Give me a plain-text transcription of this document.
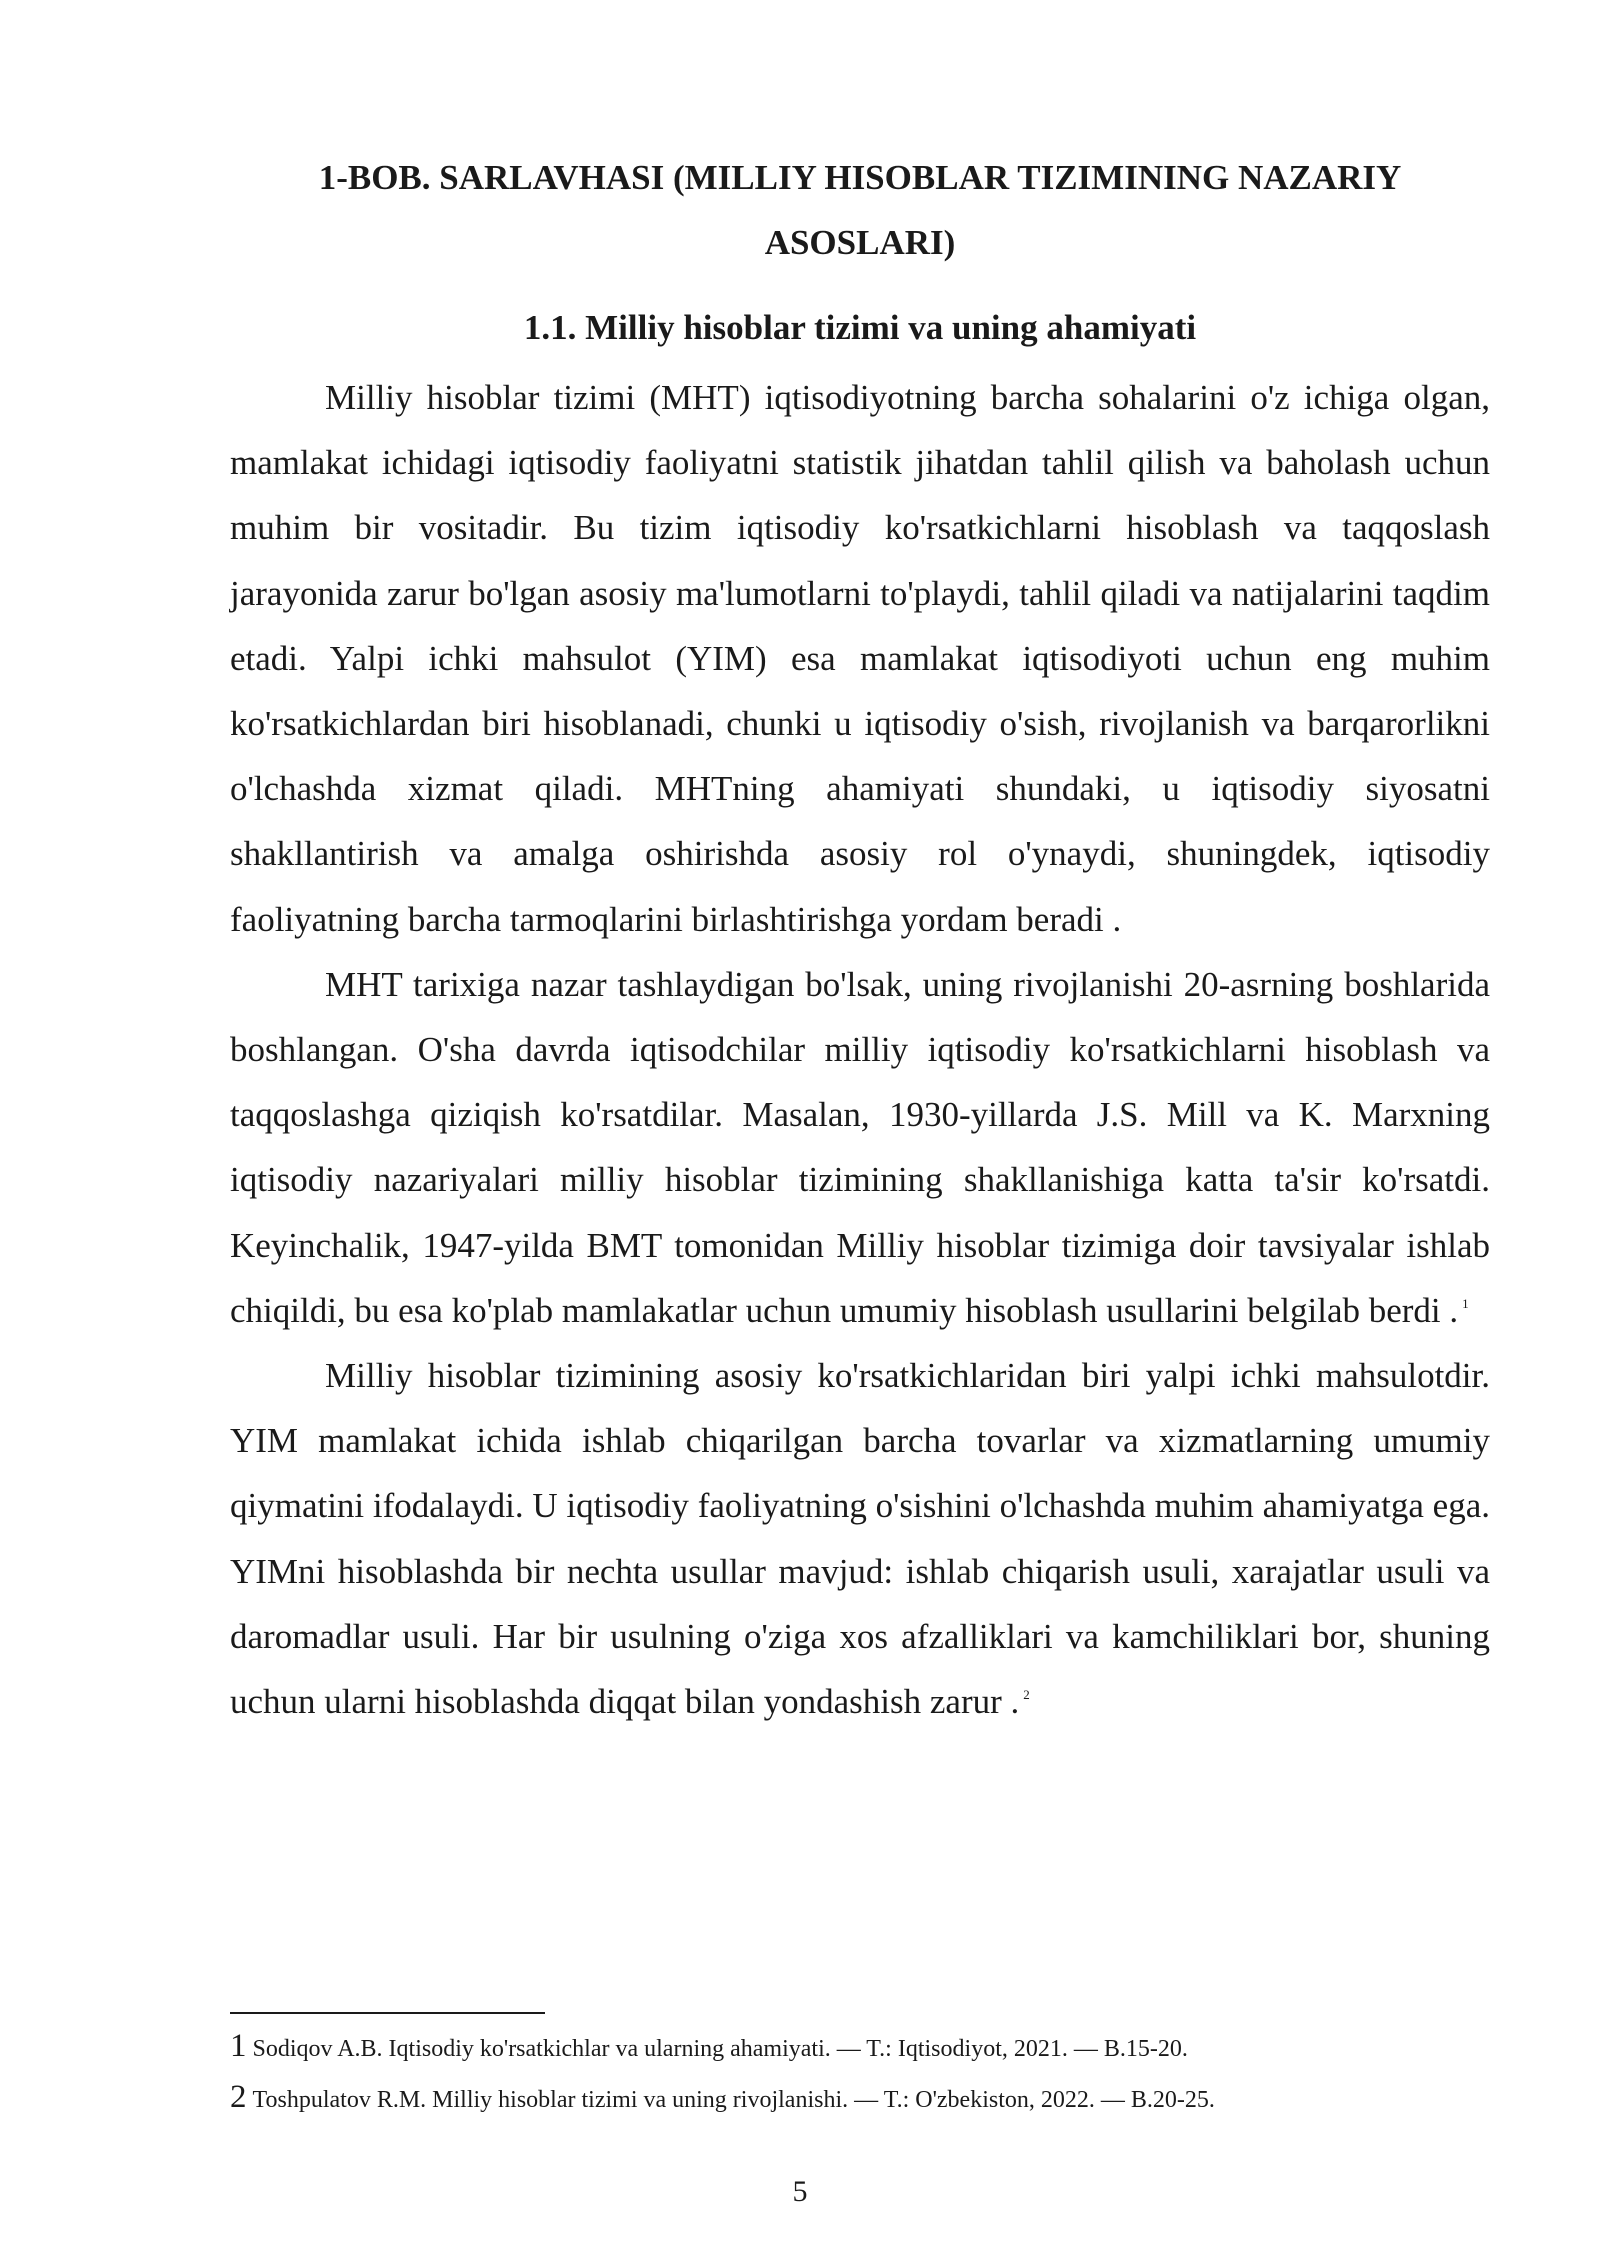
1-BOB. SARLAVHASI (MILLIY HISOBLAR TIZIMINING NAZARIY ASOSLARI)
1.1. Milliy hisoblar tizimi va uning ahamiyati

Milliy hisoblar tizimi (MHT) iqtisodiyotning barcha sohalarini o'z ichiga olgan, mamlakat ichidagi iqtisodiy faoliyatni statistik jihatdan tahlil qilish va baholash uchun muhim bir vositadir. Bu tizim iqtisodiy ko'rsatkichlarni hisoblash va taqqoslash jarayonida zarur bo'lgan asosiy ma'lumotlarni to'playdi, tahlil qiladi va natijalarini taqdim etadi. Yalpi ichki mahsulot (YIM) esa mamlakat iqtisodiyoti uchun eng muhim ko'rsatkichlardan biri hisoblanadi, chunki u iqtisodiy o'sish, rivojlanish va barqarorlikni o'lchashda xizmat qiladi. MHTning ahamiyati shundaki, u iqtisodiy siyosatni shakllantirish va amalga oshirishda asosiy rol o'ynaydi, shuningdek, iqtisodiy faoliyatning barcha tarmoqlarini birlashtirishga yordam beradi .

MHT tarixiga nazar tashlaydigan bo'lsak, uning rivojlanishi 20-asrning boshlarida boshlangan. O'sha davrda iqtisodchilar milliy iqtisodiy ko'rsatkichlarni hisoblash va taqqoslashga qiziqish ko'rsatdilar. Masalan, 1930-yillarda J.S. Mill va K. Marxning iqtisodiy nazariyalari milliy hisoblar tizimining shakllanishiga katta ta'sir ko'rsatdi. Keyinchalik, 1947-yilda BMT tomonidan Milliy hisoblar tizimiga doir tavsiyalar ishlab chiqildi, bu esa ko'plab mamlakatlar uchun umumiy hisoblash usullarini belgilab berdi . $^1$

Milliy hisoblar tizimining asosiy ko'rsatkichlaridan biri yalpi ichki mahsulotdir. YIM mamlakat ichida ishlab chiqarilgan barcha tovarlar va xizmatlarning umumiy qiymatini ifodalaydi. U iqtisodiy faoliyatning o'sishini o'lchashda muhim ahamiyatga ega. YIMni hisoblashda bir nechta usullar mavjud: ishlab chiqarish usuli, xarajatlar usuli va daromadlar usuli. Har bir usulning o'ziga xos afzalliklari va kamchiliklari bor, shuning uchun ularni hisoblashda diqqat bilan yondashish zarur . $^2$

1 Sodiqov A.B. Iqtisodiy ko'rsatkichlar va ularning ahamiyati. — T.: Iqtisodiyot, 2021. — B.15-20.
2 Toshpulatov R.M. Milliy hisoblar tizimi va uning rivojlanishi. — T.: O'zbekiston, 2022. — B.20-25.
5
